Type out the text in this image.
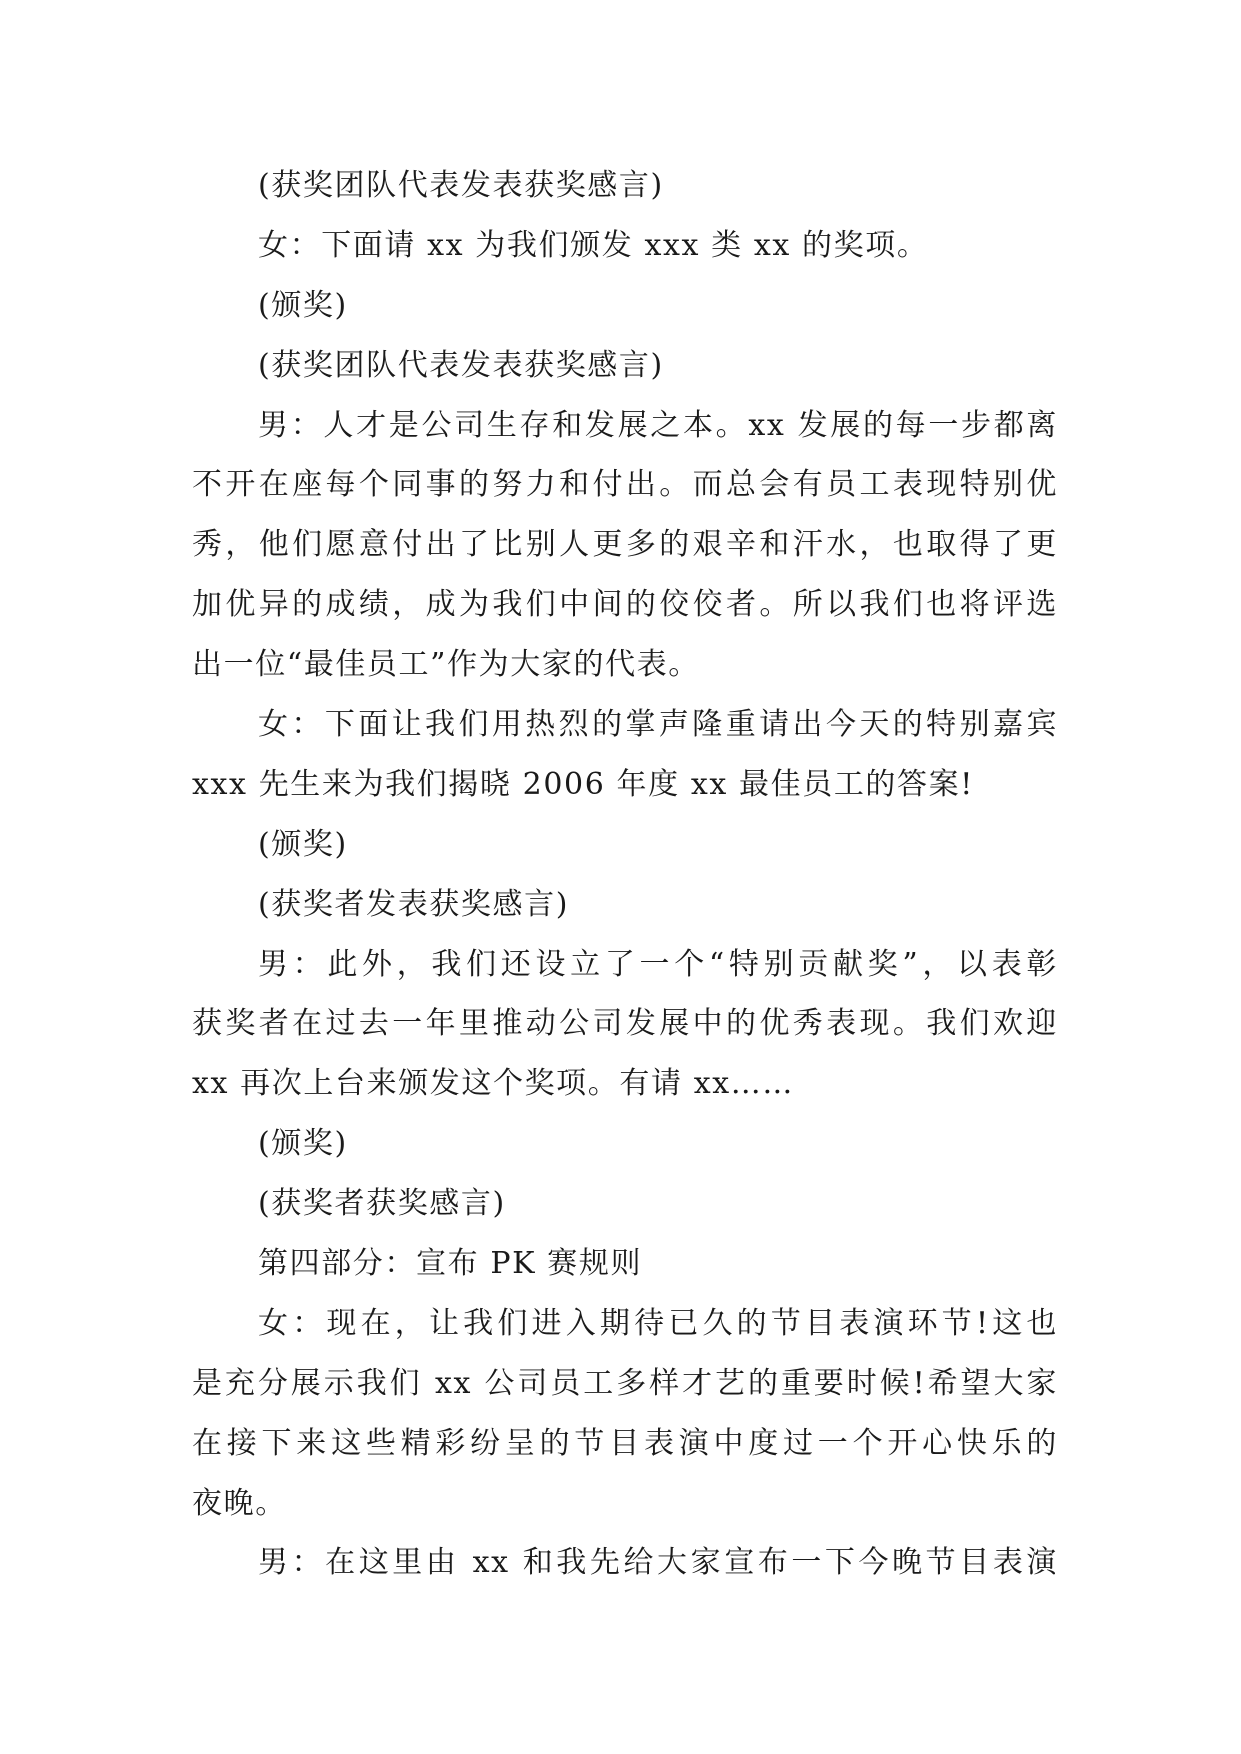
(获奖团队代表发表获奖感言)
女：下面请 xx 为我们颁发 xxx 类 xx 的奖项。
(颁奖)
(获奖团队代表发表获奖感言)
男：人才是公司生存和发展之本。xx 发展的每一步都离
不开在座每个同事的努力和付出。而总会有员工表现特别优
秀，他们愿意付出了比别人更多的艰辛和汗水，也取得了更
加优异的成绩，成为我们中间的佼佼者。所以我们也将评选
出一位“最佳员工”作为大家的代表。
女：下面让我们用热烈的掌声隆重请出今天的特别嘉宾
xxx 先生来为我们揭晓 2006 年度 xx 最佳员工的答案!
(颁奖)
(获奖者发表获奖感言)
男：此外，我们还设立了一个“特别贡献奖”，以表彰
获奖者在过去一年里推动公司发展中的优秀表现。我们欢迎
xx 再次上台来颁发这个奖项。有请 xx……
(颁奖)
(获奖者获奖感言)
第四部分：宣布 PK 赛规则
女：现在，让我们进入期待已久的节目表演环节!这也
是充分展示我们 xx 公司员工多样才艺的重要时候!希望大家
在接下来这些精彩纷呈的节目表演中度过一个开心快乐的
夜晚。
男：在这里由 xx 和我先给大家宣布一下今晚节目表演
